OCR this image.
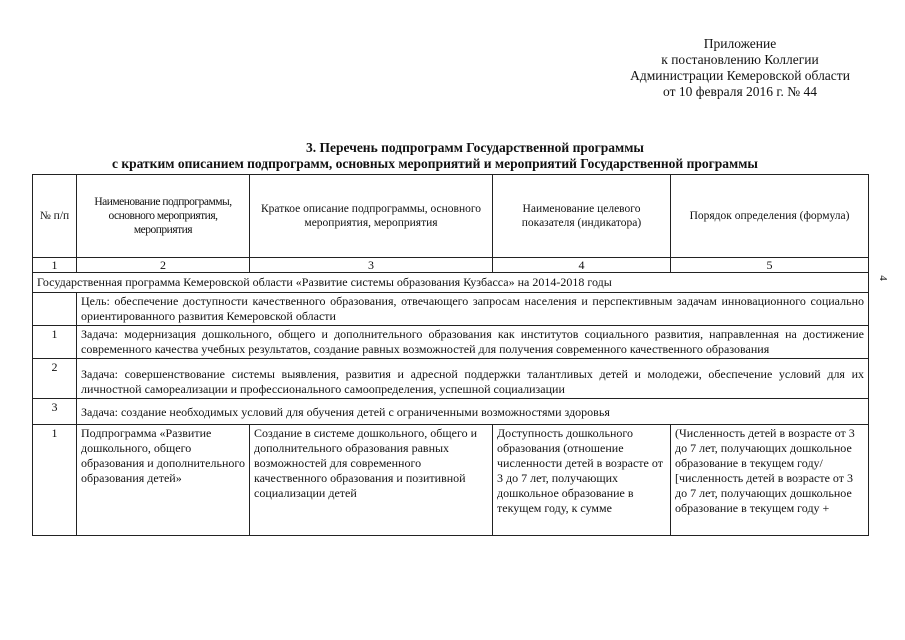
Приложение
к постановлению Коллегии
Администрации Кемеровской области
от 10 февраля 2016 г. № 44
3. Перечень подпрограмм Государственной программы
с кратким описанием подпрограмм, основных мероприятий и мероприятий Государственной программы
4
№ п/п	Наименование подпрограммы, основного мероприятия, мероприятия	Краткое описание подпрограммы, основного мероприятия, мероприятия	Наименование целевого показателя (индикатора)	Порядок определения (формула)
1	2	3	4	5
Государственная программа Кемеровской области «Развитие системы образования Кузбасса» на 2014-2018 годы				
	Цель: обеспечение доступности качественного образования, отвечающего запросам населения и перспективным задачам инновационного социально ориентированного развития Кемеровской области			
1	Задача: модернизация дошкольного, общего и дополнительного образования как институтов социального развития, направленная на достижение современного качества учебных результатов, создание равных возможностей для получения современного качественного образования			
2	Задача: совершенствование системы выявления, развития и адресной поддержки талантливых детей и молодежи, обеспечение условий для их личностной самореализации и профессионального самоопределения, успешной социализации			
3	Задача: создание необходимых условий для обучения детей с ограниченными возможностями здоровья			
1	Подпрограмма «Развитие дошкольного, общего образования и дополнительного образования детей»	Создание в системе дошкольного, общего и дополнительного образования равных возможностей для современного качественного образования и позитивной социализации детей	Доступность дошкольного образования (отношение численности детей в возрасте от 3 до 7 лет, получающих дошкольное образование в текущем году, к сумме	(Численность детей в возрасте от 3 до 7 лет, получающих дошкольное образование в текущем году/ [численность детей в возрасте от 3 до 7 лет, получающих дошкольное образование в текущем году +
